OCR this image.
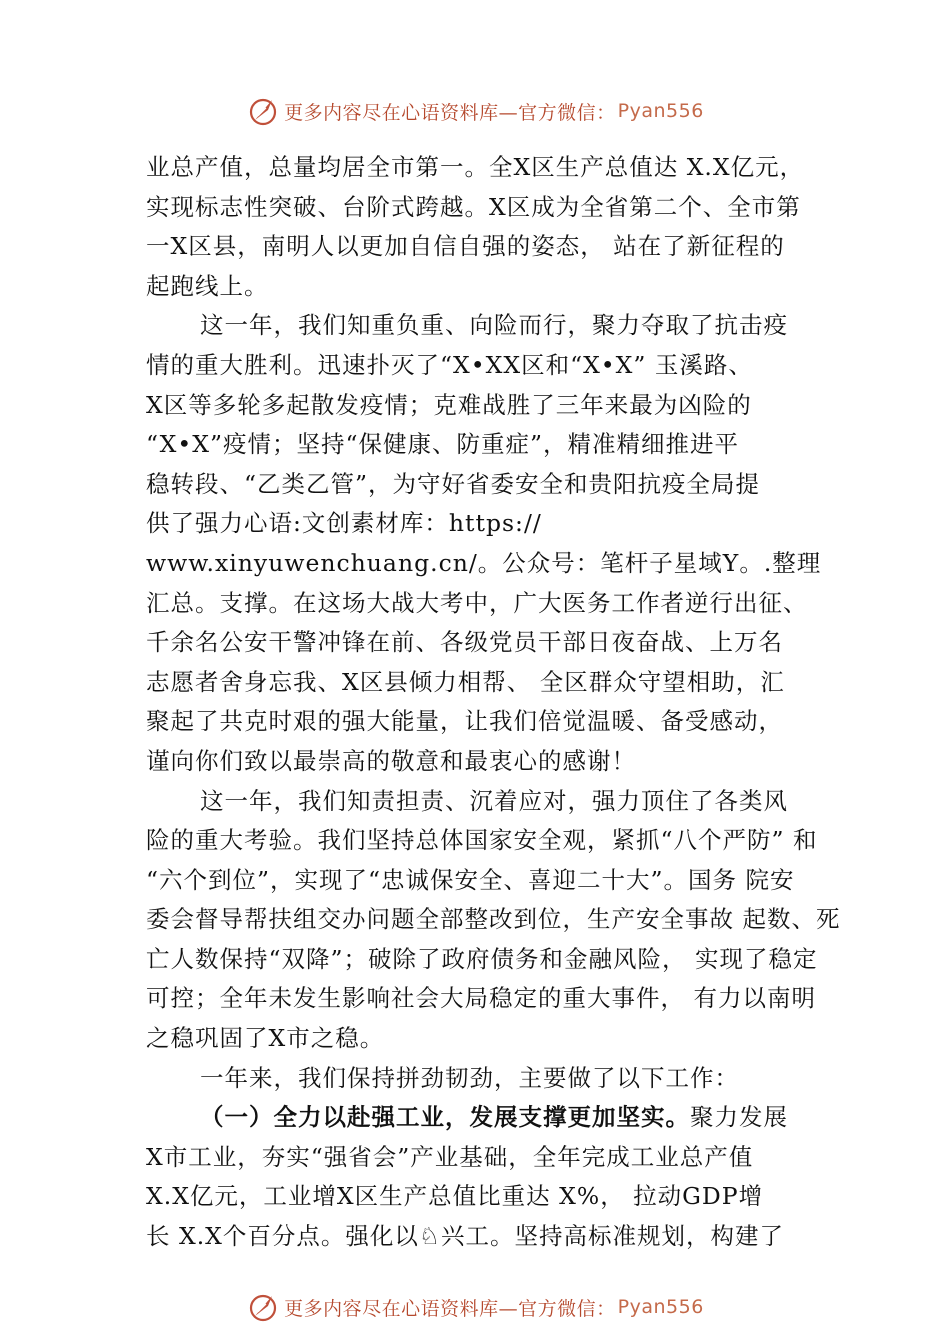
更多内容尽在心语资料库—官方微信： Pyan556
业总产值，总量均居全市第一。全X区生产总值达 X.X亿元，
实现标志性突破、台阶式跨越。X区成为全省第二个、全市第
一X区县，南明人以更加自信自强的姿态， 站在了新征程的
起跑线上。
这一年，我们知重负重、向险而行，聚力夺取了抗击疫
情的重大胜利。迅速扑灭了“X•XX区和“X•X” 玉溪路、
X区等多轮多起散发疫情；克难战胜了三年来最为凶险的
“X•X”疫情；坚持“保健康、防重症”，精准精细推进平
稳转段、“乙类乙管”，为守好省委安全和贵阳抗疫全局提
供了强力心语:文创素材库：https://
www.xinyuwenchuang.cn/。公众号：笔杆子星域Y。.整理
汇总。支撑。在这场大战大考中，广大医务工作者逆行出征、
千余名公安干警冲锋在前、各级党员干部日夜奋战、上万名
志愿者舍身忘我、X区县倾力相帮、 全区群众守望相助，汇
聚起了共克时艰的强大能量，让我们倍觉温暖、备受感动，
谨向你们致以最崇高的敬意和最衷心的感谢！
这一年，我们知责担责、沉着应对，强力顶住了各类风
险的重大考验。我们坚持总体国家安全观，紧抓“八个严防” 和
“六个到位”，实现了“忠诚保安全、喜迎二十大”。国务 院安
委会督导帮扶组交办问题全部整改到位，生产安全事故 起数、死
亡人数保持“双降”；破除了政府债务和金融风险， 实现了稳定
可控；全年未发生影响社会大局稳定的重大事件， 有力以南明
之稳巩固了X市之稳。
一年来，我们保持拼劲韧劲，主要做了以下工作：
（一）全力以赴强工业，发展支撑更加坚实。聚力发展
X市工业，夯实“强省会”产业基础，全年完成工业总产值
X.X亿元，工业增X区生产总值比重达 X%， 拉动GDP增
长 X.X个百分点。强化以♘兴工。坚持高标准规划，构建了
更多内容尽在心语资料库—官方微信： Pyan556
